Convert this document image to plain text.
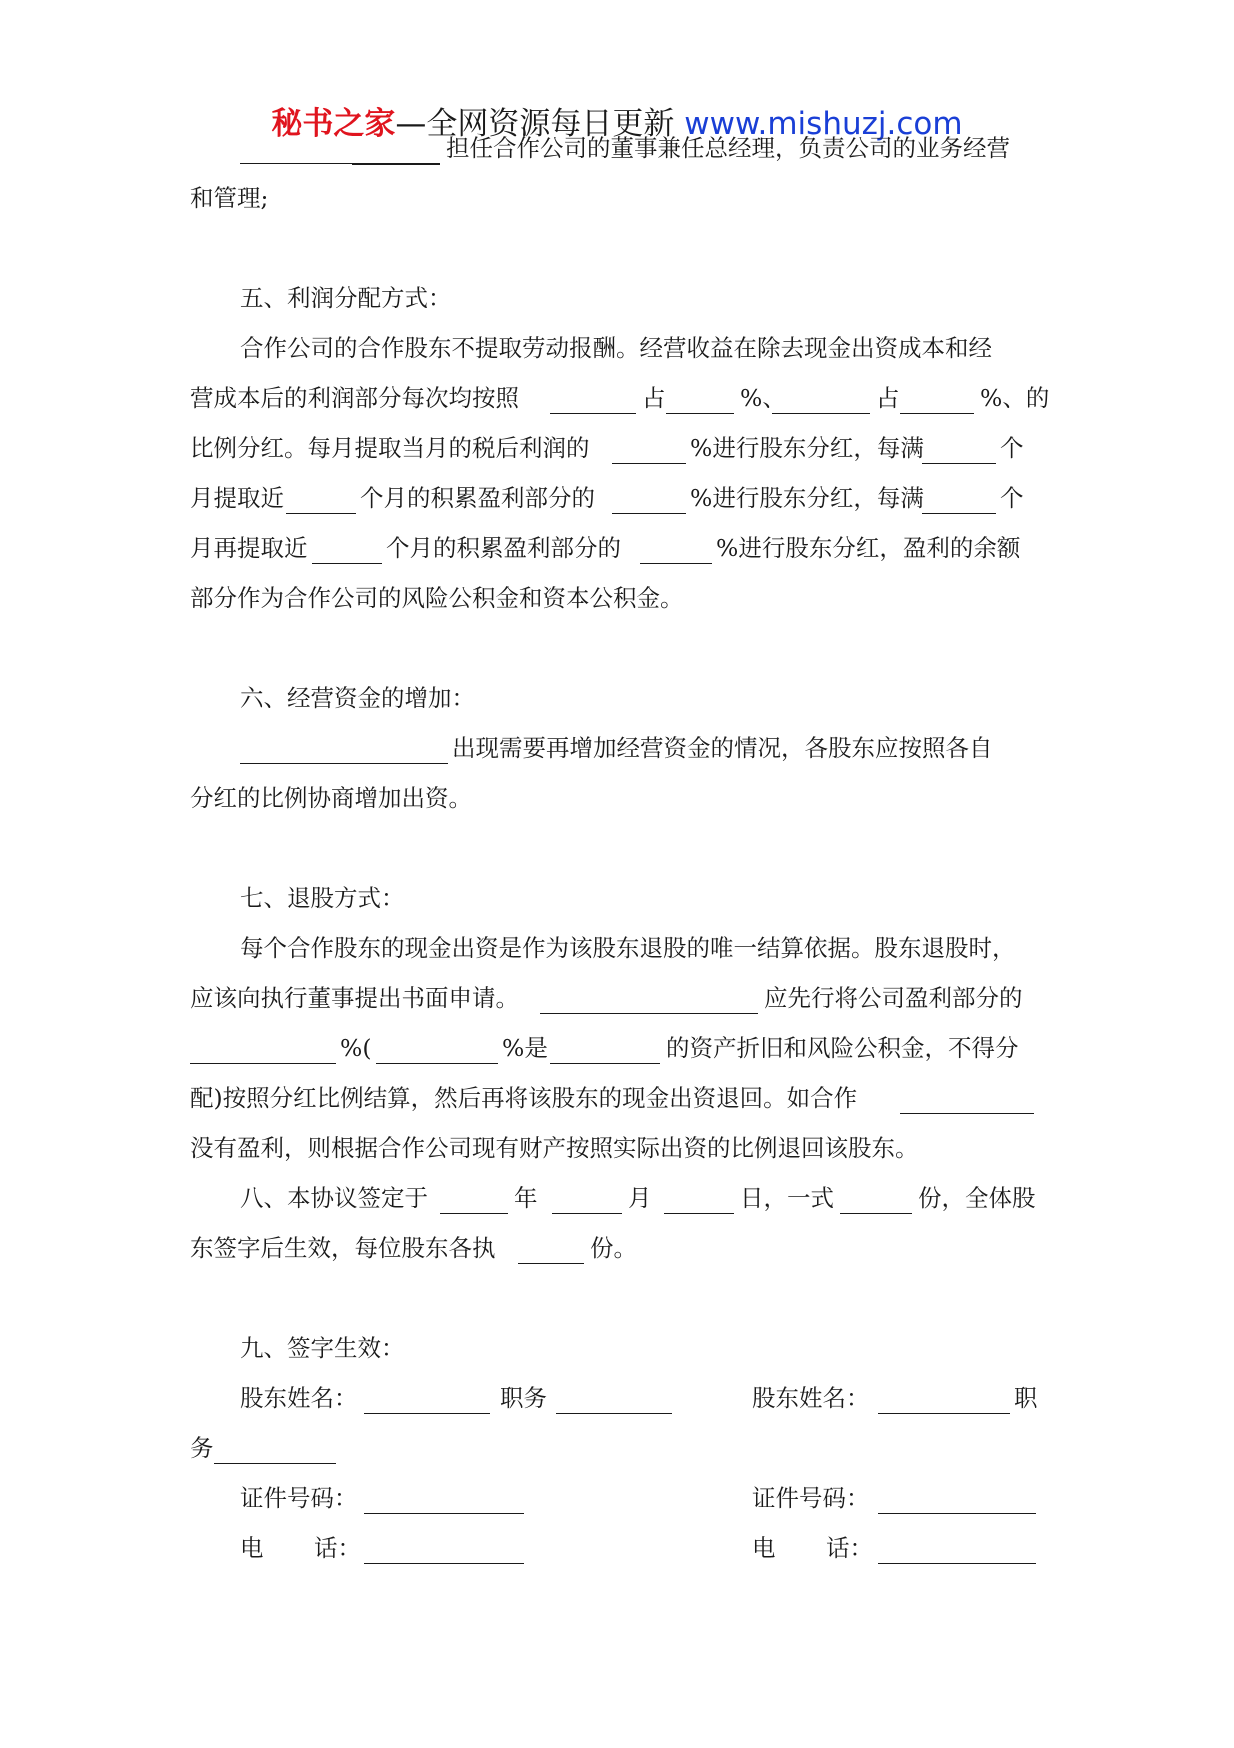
秘书之家—全网资源每日更新 www.mishuzj.com
担任合作公司的董事兼任总经理，负责公司的业务经营
和管理;
五、利润分配方式：
合作公司的合作股东不提取劳动报酬。经营收益在除去现金出资成本和经
营成本后的利润部分每次均按照	占	%、	占	%、的
比例分红。每月提取当月的税后利润的	%进行股东分红，每满	个
月提取近	个月的积累盈利部分的	%进行股东分红，每满	个
月再提取近	个月的积累盈利部分的	%进行股东分红，盈利的余额
部分作为合作公司的风险公积金和资本公积金。
六、经营资金的增加：
出现需要再增加经营资金的情况，各股东应按照各自
分红的比例协商增加出资。
七、退股方式：
每个合作股东的现金出资是作为该股东退股的唯一结算依据。股东退股时，
应该向执行董事提出书面申请。	应先行将公司盈利部分的
%(	%是	的资产折旧和风险公积金，不得分
配)按照分红比例结算，然后再将该股东的现金出资退回。如合作
没有盈利，则根据合作公司现有财产按照实际出资的比例退回该股东。
八、本协议签定于	年	月	日，一式	份，全体股
东签字后生效，每位股东各执	份。
九、签字生效：
股东姓名：	职务	股东姓名：	职
务
证件号码：	证件号码：
电 话：	电 话：
